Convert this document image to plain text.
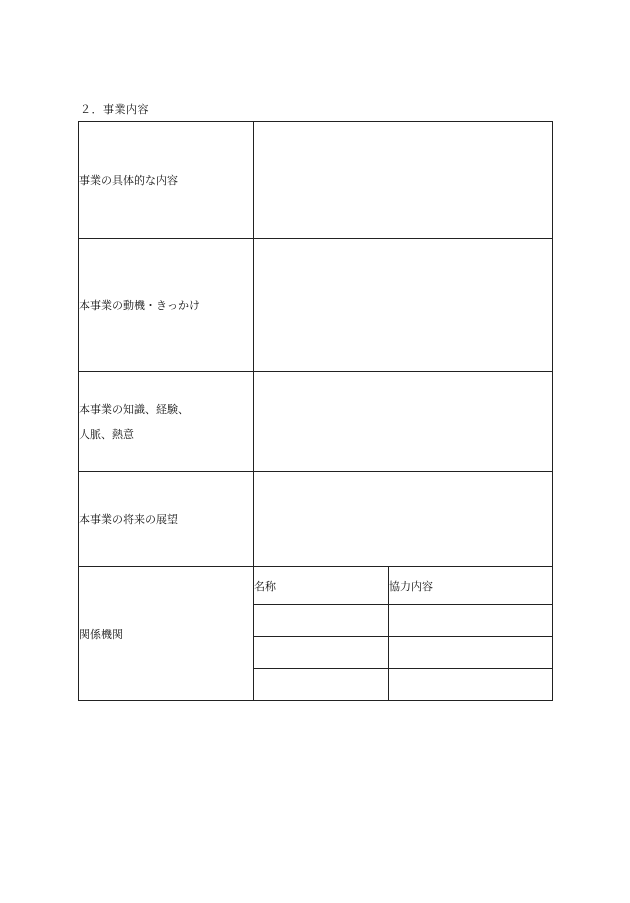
２．事業内容
事業の具体的な内容		
本事業の動機・きっかけ		
本事業の知識、経験、
人脈、熱意		
本事業の将来の展望		
関係機関	名称	協力内容
